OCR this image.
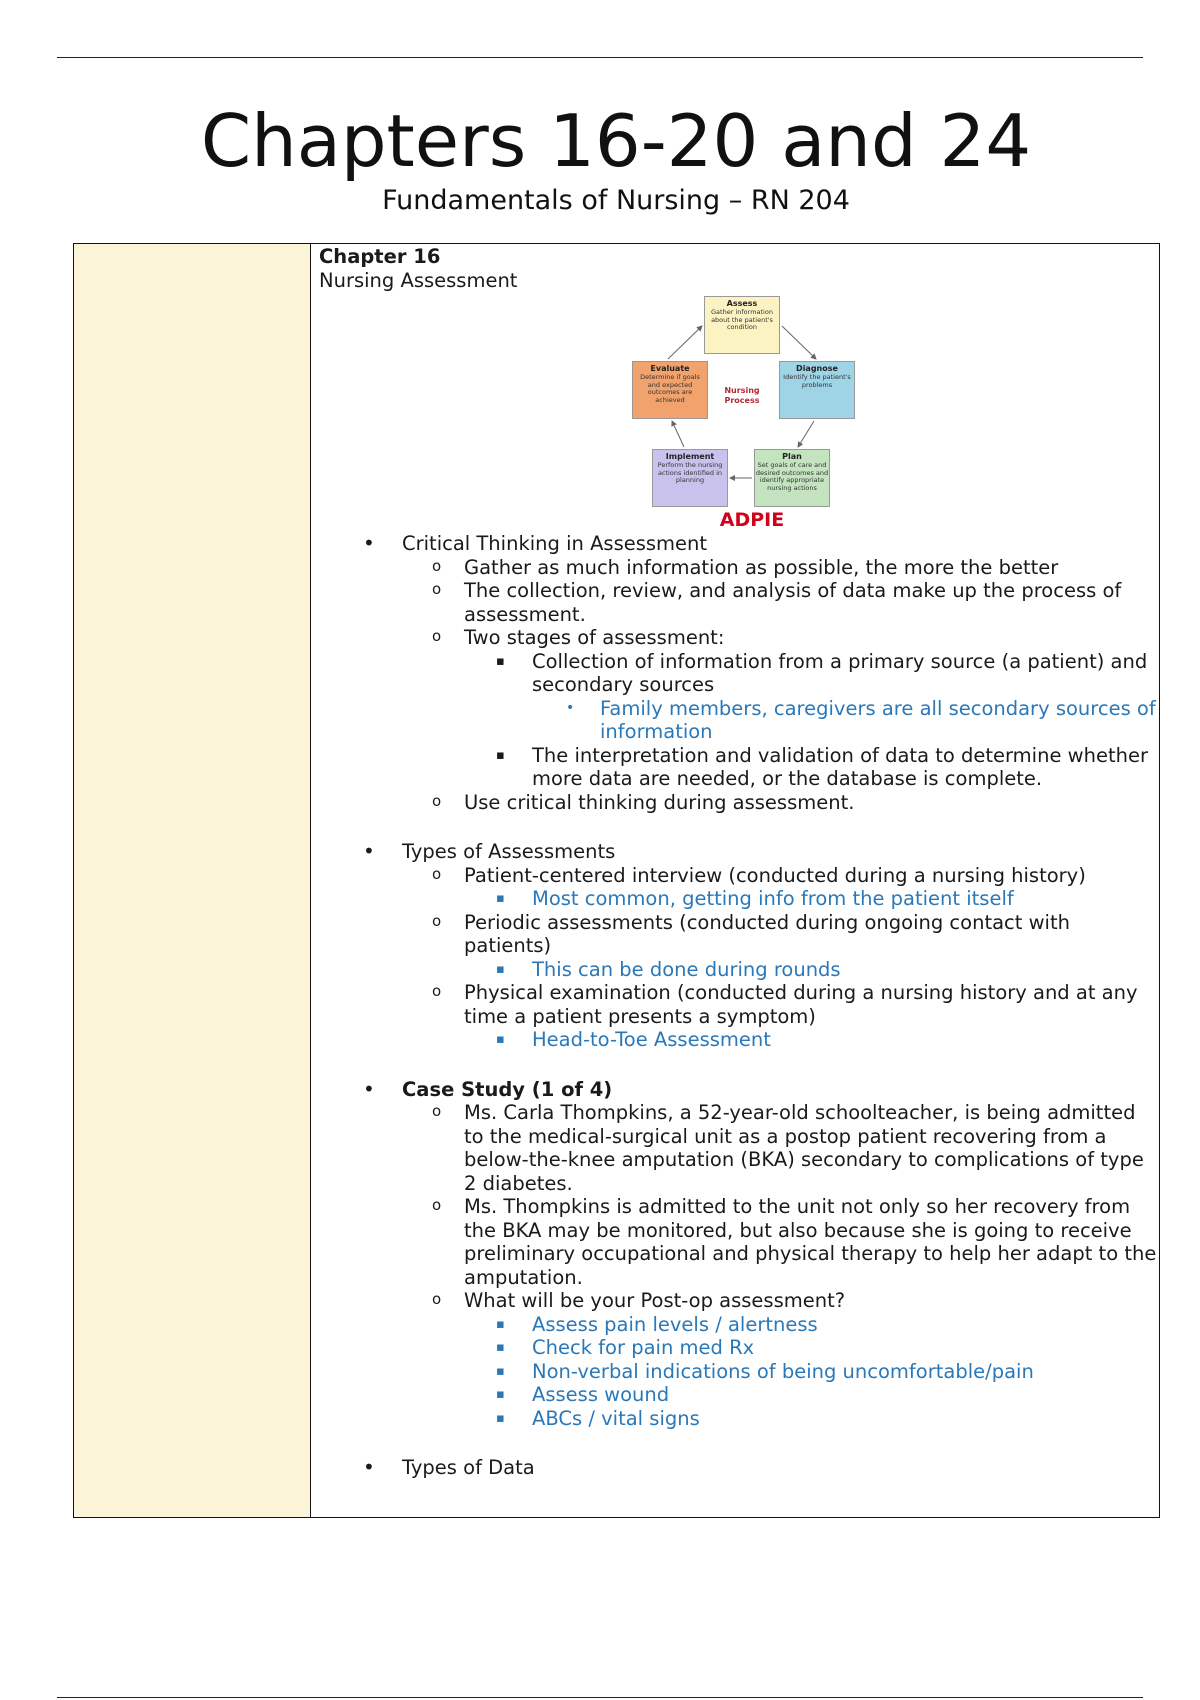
Chapters 16-20 and 24
Fundamentals of Nursing – RN 204
Chapter 16
Nursing Assessment
Assess
Gather information about the patient's condition
Diagnose
Identify the patient's problems
Plan
Set goals of care and desired outcomes and identify appropriate nursing actions
Implement
Perform the nursing actions identified in planning
Evaluate
Determine if goals and expected outcomes are achieved
Nursing Process
ADPIE
• Critical Thinking in Assessment
o Gather as much information as possible, the more the better
o The collection, review, and analysis of data make up the process of assessment.
o Two stages of assessment:
▪ Collection of information from a primary source (a patient) and secondary sources
• Family members, caregivers are all secondary sources of information
▪ The interpretation and validation of data to determine whether more data are needed, or the database is complete.
o Use critical thinking during assessment.
• Types of Assessments
o Patient-centered interview (conducted during a nursing history)
▪ Most common, getting info from the patient itself
o Periodic assessments (conducted during ongoing contact with patients)
▪ This can be done during rounds
o Physical examination (conducted during a nursing history and at any time a patient presents a symptom)
▪ Head-to-Toe Assessment
• Case Study (1 of 4)
o Ms. Carla Thompkins, a 52-year-old schoolteacher, is being admitted to the medical-surgical unit as a postop patient recovering from a below-the-knee amputation (BKA) secondary to complications of type 2 diabetes.
o Ms. Thompkins is admitted to the unit not only so her recovery from the BKA may be monitored, but also because she is going to receive preliminary occupational and physical therapy to help her adapt to the amputation.
o What will be your Post-op assessment?
▪ Assess pain levels / alertness
▪ Check for pain med Rx
▪ Non-verbal indications of being uncomfortable/pain
▪ Assess wound
▪ ABCs / vital signs
• Types of Data
